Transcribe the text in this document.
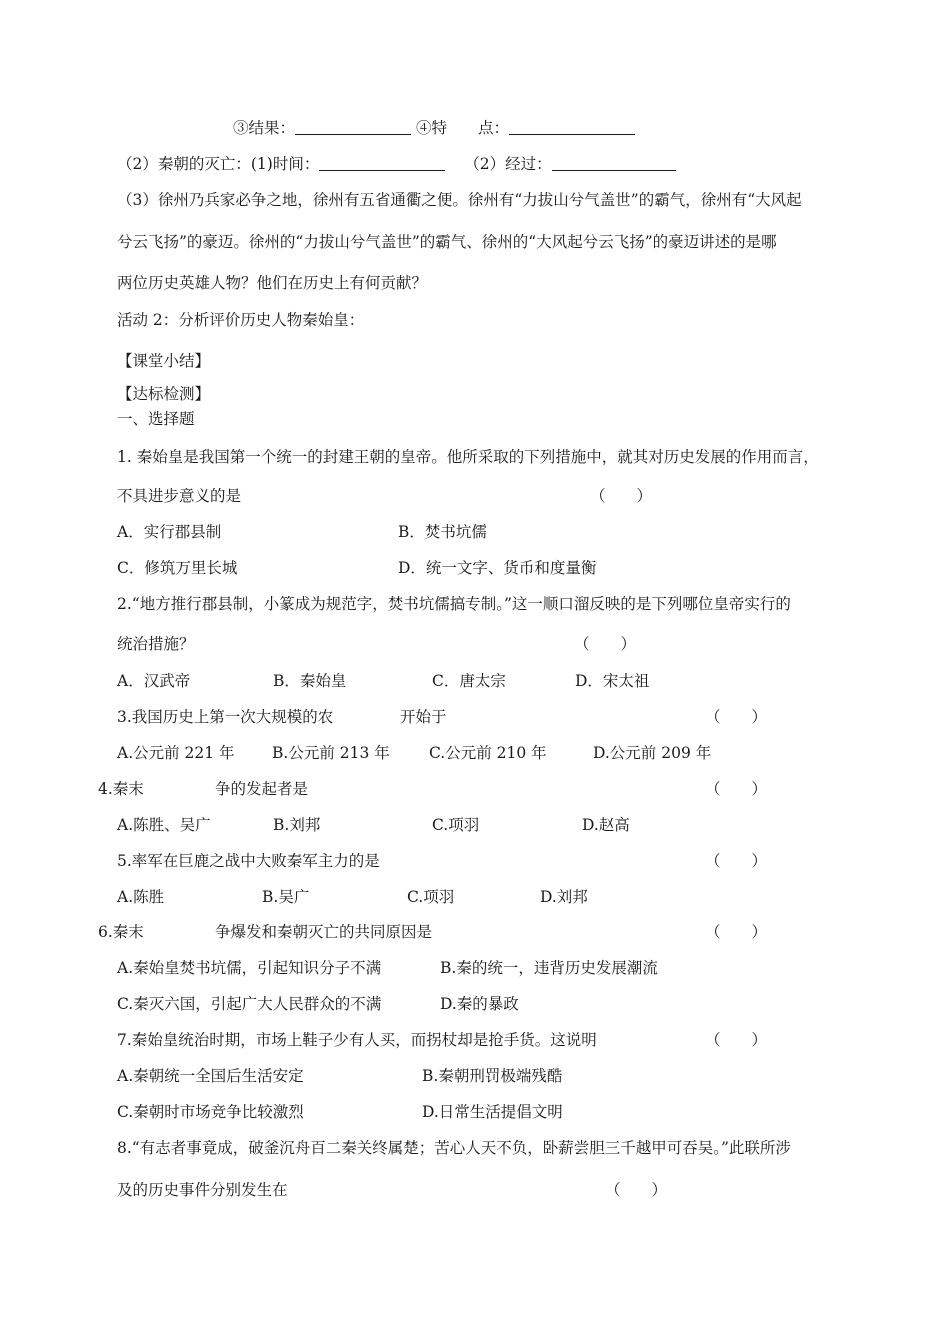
③结果：	④特　　点：
（2）秦朝的灭亡：(1)时间：	（2）经过：
（3）徐州乃兵家必争之地，徐州有五省通衢之便。徐州有“力拔山兮气盖世”的霸气，徐州有“大风起
兮云飞扬”的豪迈。徐州的“力拔山兮气盖世”的霸气、徐州的“大风起兮云飞扬”的豪迈讲述的是哪
两位历史英雄人物？他们在历史上有何贡献？
活动 2：分析评价历史人物秦始皇：
【课堂小结】
【达标检测】
一、选择题
1. 秦始皇是我国第一个统一的封建王朝的皇帝。他所采取的下列措施中，就其对历史发展的作用而言，
不具进步意义的是	（　　）
A．实行郡县制	B．焚书坑儒
C．修筑万里长城	D．统一文字、货币和度量衡
2.“地方推行郡县制，小篆成为规范字，焚书坑儒搞专制。”这一顺口溜反映的是下列哪位皇帝实行的
统治措施？	（　　）
A．汉武帝	B．秦始皇	C．唐太宗	D．宋太祖
3.我国历史上第一次大规模的农	开始于	（　　）
A.公元前 221 年 B.公元前 213 年	C.公元前 210 年	D.公元前 209 年
4.秦末	争的发起者是	（　　）
A.陈胜、吴广	B.刘邦	C.项羽	D.赵高
5.率军在巨鹿之战中大败秦军主力的是	（　　）
A.陈胜	B.吴广	C.项羽	D.刘邦
6.秦末	争爆发和秦朝灭亡的共同原因是	（　　）
A.秦始皇焚书坑儒，引起知识分子不满	B.秦的统一，违背历史发展潮流
C.秦灭六国，引起广大人民群众的不满	D.秦的暴政
7.秦始皇统治时期，市场上鞋子少有人买，而拐杖却是抢手货。这说明	（　　）
A.秦朝统一全国后生活安定	B.秦朝刑罚极端残酷
C.秦朝时市场竞争比较激烈	D.日常生活提倡文明
8.“有志者事竟成，破釜沉舟百二秦关终属楚；苦心人天不负，卧薪尝胆三千越甲可吞吴。”此联所涉
及的历史事件分别发生在	（　　）
